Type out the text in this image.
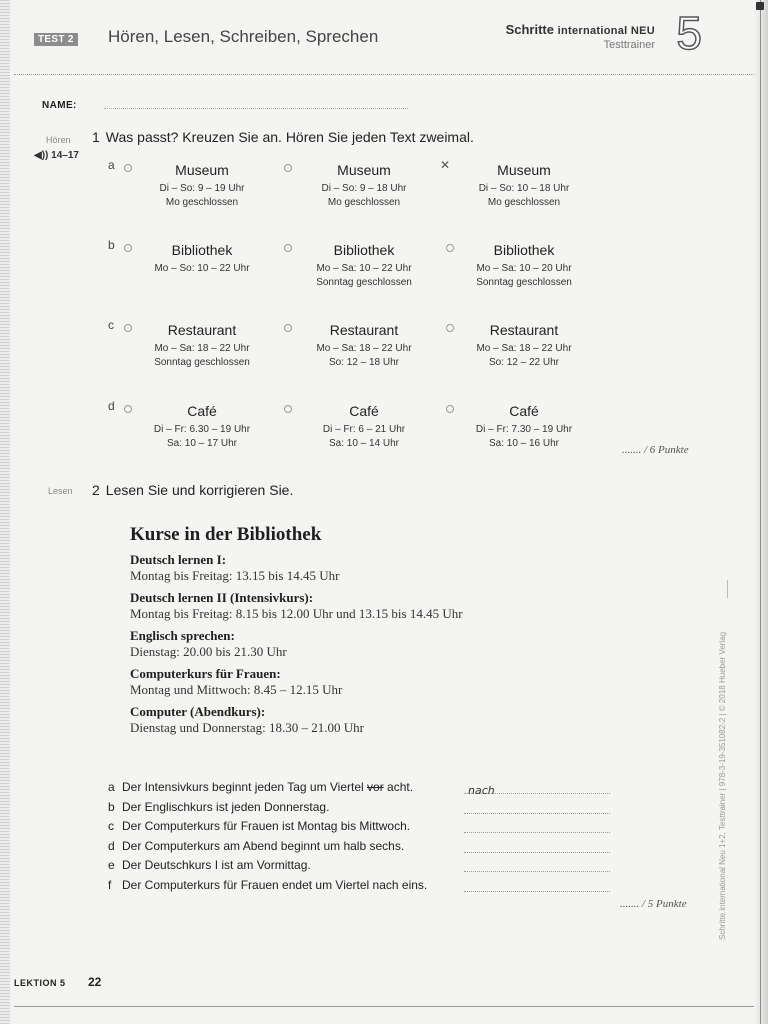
TEST 2 Hören, Lesen, Schreiben, Sprechen	Schritte international NEU
Testtrainer 5
NAME:
Hören
◀)) 14–17
1 Was passt? Kreuzen Sie an. Hören Sie jeden Text zweimal.
a	Museum
Di – So: 9 – 19 Uhr
Mo geschlossen
Museum
Di – So: 9 – 18 Uhr
Mo geschlossen
✕	Museum
Di – So: 10 – 18 Uhr
Mo geschlossen
b	Bibliothek
Mo – So: 10 – 22 Uhr
Bibliothek
Mo – Sa: 10 – 22 Uhr
Sonntag geschlossen
Bibliothek
Mo – Sa: 10 – 20 Uhr
Sonntag geschlossen
c	Restaurant
Mo – Sa: 18 – 22 Uhr
Sonntag geschlossen
Restaurant
Mo – Sa: 18 – 22 Uhr
So: 12 – 18 Uhr
Restaurant
Mo – Sa: 18 – 22 Uhr
So: 12 – 22 Uhr
d	Café
Di – Fr: 6.30 – 19 Uhr
Sa: 10 – 17 Uhr
Café
Di – Fr: 6 – 21 Uhr
Sa: 10 – 14 Uhr
Café
Di – Fr: 7.30 – 19 Uhr
Sa: 10 – 16 Uhr
....... / 6 Punkte
Lesen 2 Lesen Sie und korrigieren Sie.
Kurse in der Bibliothek
Deutsch lernen I:
Montag bis Freitag: 13.15 bis 14.45 Uhr
Deutsch lernen II (Intensivkurs):
Montag bis Freitag: 8.15 bis 12.00 Uhr und 13.15 bis 14.45 Uhr
Englisch sprechen:
Dienstag: 20.00 bis 21.30 Uhr
Computerkurs für Frauen:
Montag und Mittwoch: 8.45 – 12.15 Uhr
Computer (Abendkurs):
Dienstag und Donnerstag: 18.30 – 21.00 Uhr
a Der Intensivkurs beginnt jeden Tag um Viertel vor acht.	nach
b Der Englischkurs ist jeden Donnerstag.
c Der Computerkurs für Frauen ist Montag bis Mittwoch.
d Der Computerkurs am Abend beginnt um halb sechs.
e Der Deutschkurs I ist am Vormittag.
f Der Computerkurs für Frauen endet um Viertel nach eins.
....... / 5 Punkte	Schritte international Neu 1+2, Testtrainer | 978-3-19-351082-2 | © 2018 Hueber Verlag
LEKTION 5 22
